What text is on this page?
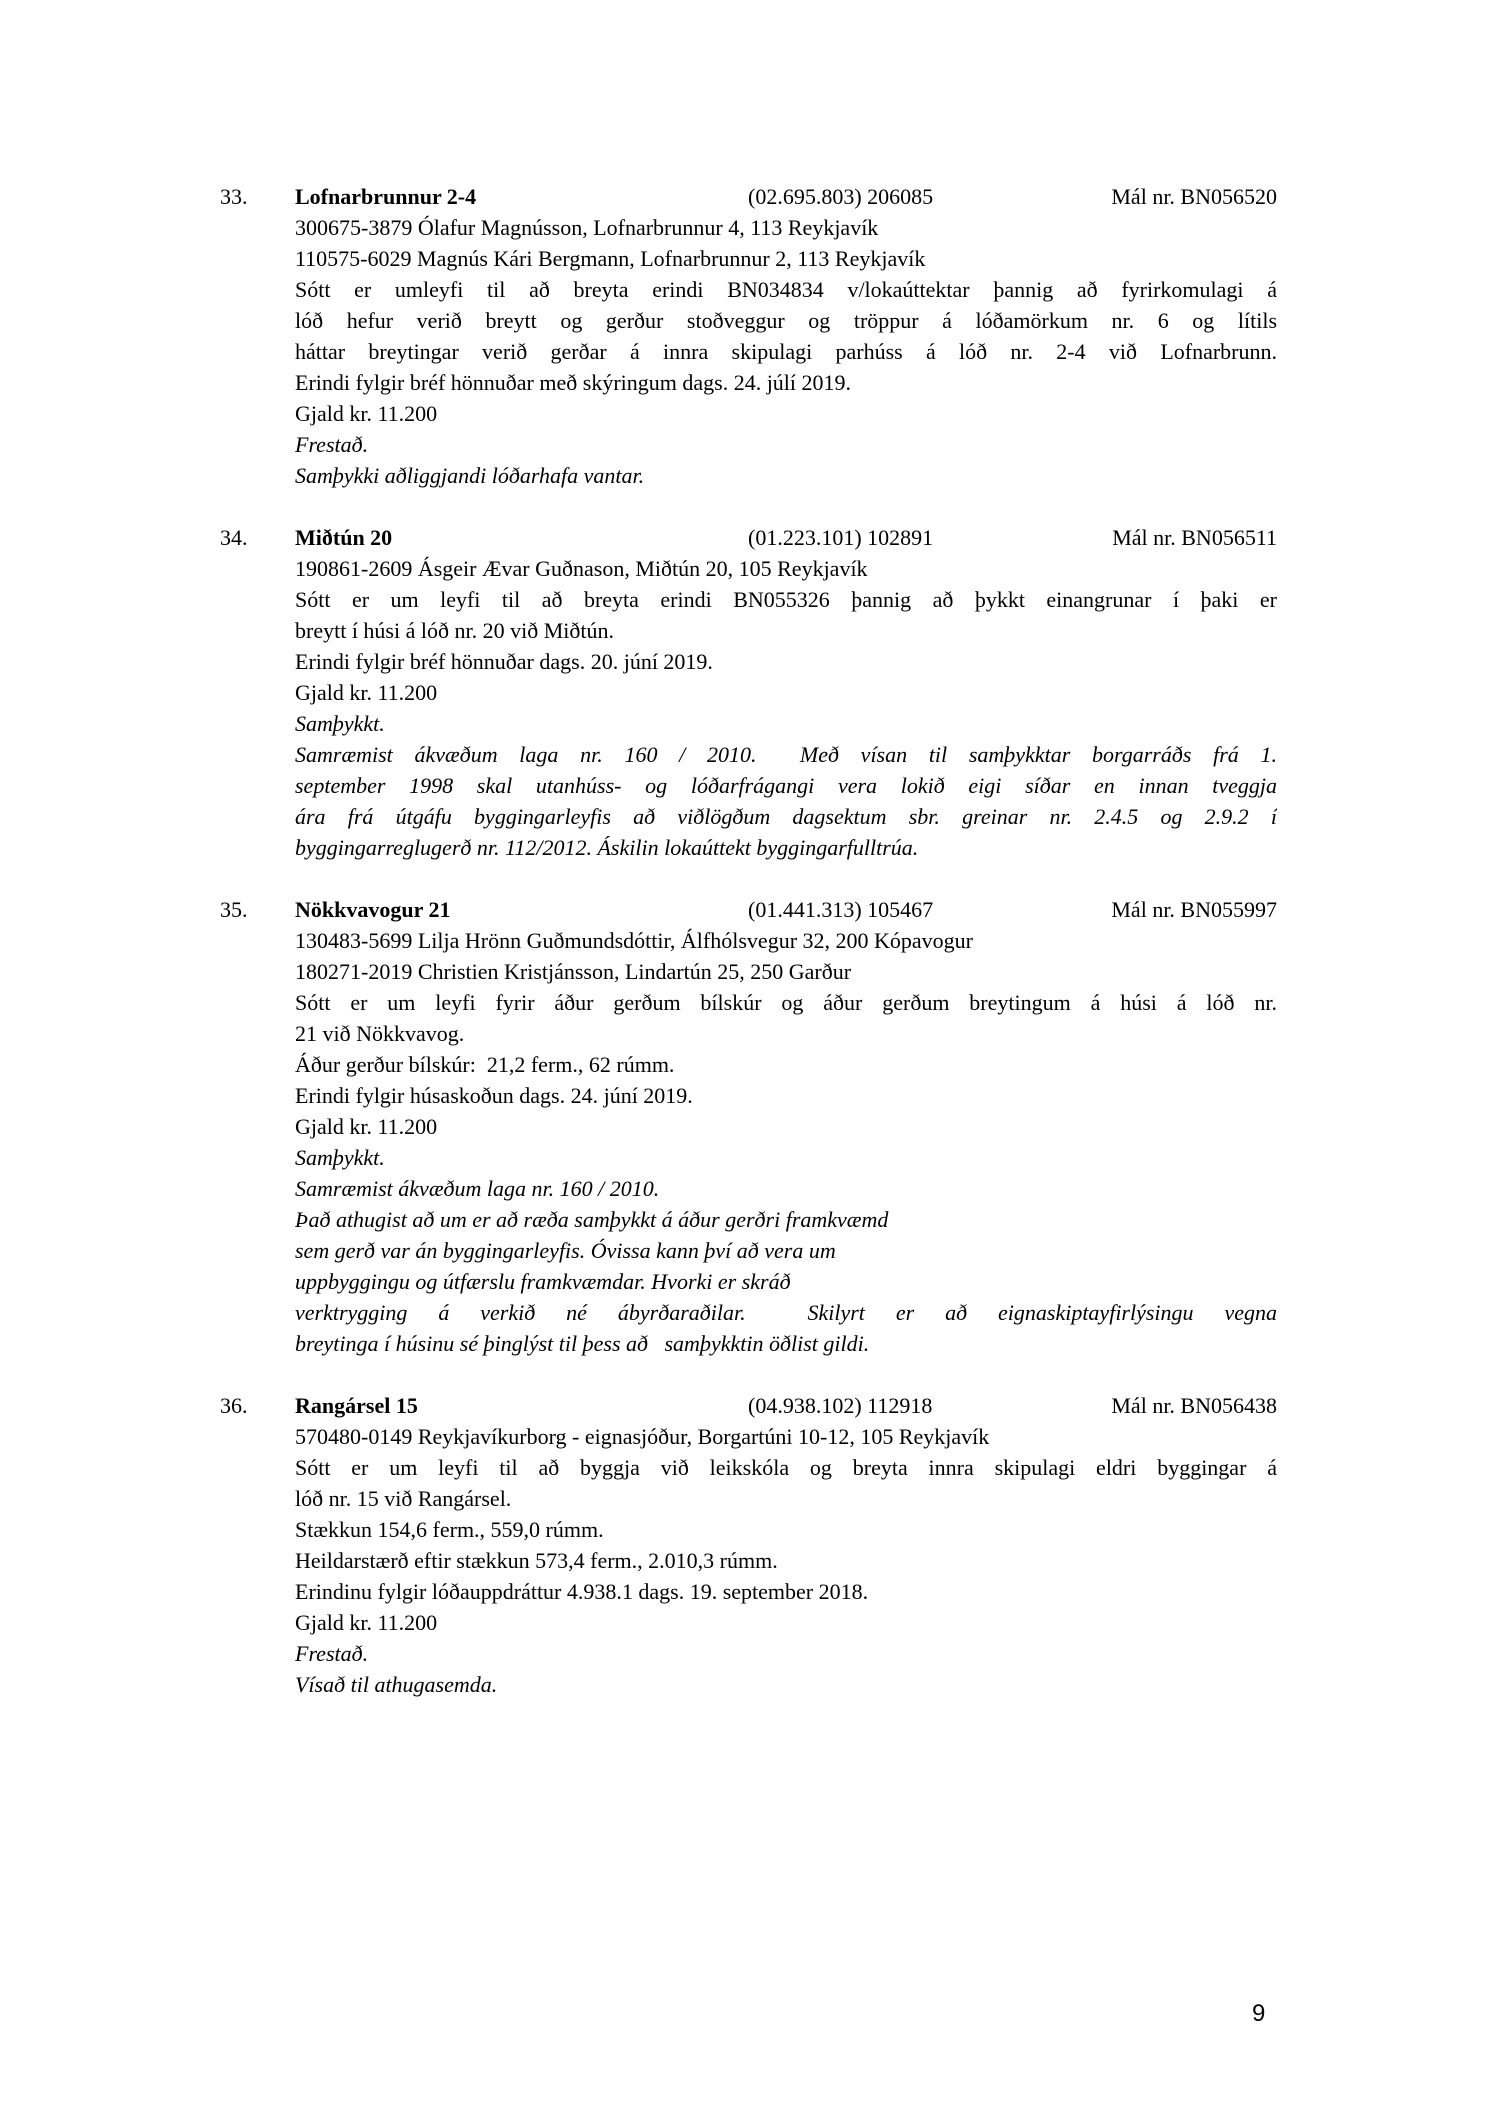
33.	Lofnarbrunnur 2-4	(02.695.803) 206085	Mál nr. BN056520
300675-3879 Ólafur Magnússon, Lofnarbrunnur 4, 113 Reykjavík
110575-6029 Magnús Kári Bergmann, Lofnarbrunnur 2, 113 Reykjavík
Sótt er umleyfi til að breyta erindi BN034834 v/lokaúttektar þannig að fyrirkomulagi á
lóð hefur verið breytt og gerður stoðveggur og tröppur á lóðamörkum nr. 6 og lítils
háttar breytingar verið gerðar á innra skipulagi parhúss á lóð nr. 2-4 við Lofnarbrunn.
Erindi fylgir bréf hönnuðar með skýringum dags. 24. júlí 2019.
Gjald kr. 11.200
Frestað.
Samþykki aðliggjandi lóðarhafa vantar.
34.	Miðtún 20	(01.223.101) 102891	Mál nr. BN056511
190861-2609 Ásgeir Ævar Guðnason, Miðtún 20, 105 Reykjavík
Sótt er um leyfi til að breyta erindi BN055326 þannig að þykkt einangrunar í þaki er
breytt í húsi á lóð nr. 20 við Miðtún.
Erindi fylgir bréf hönnuðar dags. 20. júní 2019.
Gjald kr. 11.200
Samþykkt.
Samræmist ákvæðum laga nr. 160 / 2010.  Með vísan til samþykktar borgarráðs frá 1.
september 1998 skal utanhúss- og lóðarfrágangi vera lokið eigi síðar en innan tveggja
ára frá útgáfu byggingarleyfis að viðlögðum dagsektum sbr. greinar nr. 2.4.5 og 2.9.2 í
byggingarreglugerð nr. 112/2012. Áskilin lokaúttekt byggingarfulltrúa.
35.	Nökkvavogur 21	(01.441.313) 105467	Mál nr. BN055997
130483-5699 Lilja Hrönn Guðmundsdóttir, Álfhólsvegur 32, 200 Kópavogur
180271-2019 Christien Kristjánsson, Lindartún 25, 250 Garður
Sótt er um leyfi fyrir áður gerðum bílskúr og áður gerðum breytingum á húsi á lóð nr.
21 við Nökkvavog.
Áður gerður bílskúr:  21,2 ferm., 62 rúmm.
Erindi fylgir húsaskoðun dags. 24. júní 2019.
Gjald kr. 11.200
Samþykkt.
Samræmist ákvæðum laga nr. 160 / 2010.
Það athugist að um er að ræða samþykkt á áður gerðri framkvæmd
sem gerð var án byggingarleyfis. Óvissa kann því að vera um
uppbyggingu og útfærslu framkvæmdar. Hvorki er skráð
verktrygging á verkið né ábyrðaraðilar.  Skilyrt er að eignaskiptayfirlýsingu vegna
breytinga í húsinu sé þinglýst til þess að   samþykktin öðlist gildi.
36.	Rangársel 15	(04.938.102) 112918	Mál nr. BN056438
570480-0149 Reykjavíkurborg - eignasjóður, Borgartúni 10-12, 105 Reykjavík
Sótt er um leyfi til að byggja við leikskóla og breyta innra skipulagi eldri byggingar á
lóð nr. 15 við Rangársel.
Stækkun 154,6 ferm., 559,0 rúmm.
Heildarstærð eftir stækkun 573,4 ferm., 2.010,3 rúmm.
Erindinu fylgir lóðauppdráttur 4.938.1 dags. 19. september 2018.
Gjald kr. 11.200
Frestað.
Vísað til athugasemda.
9
